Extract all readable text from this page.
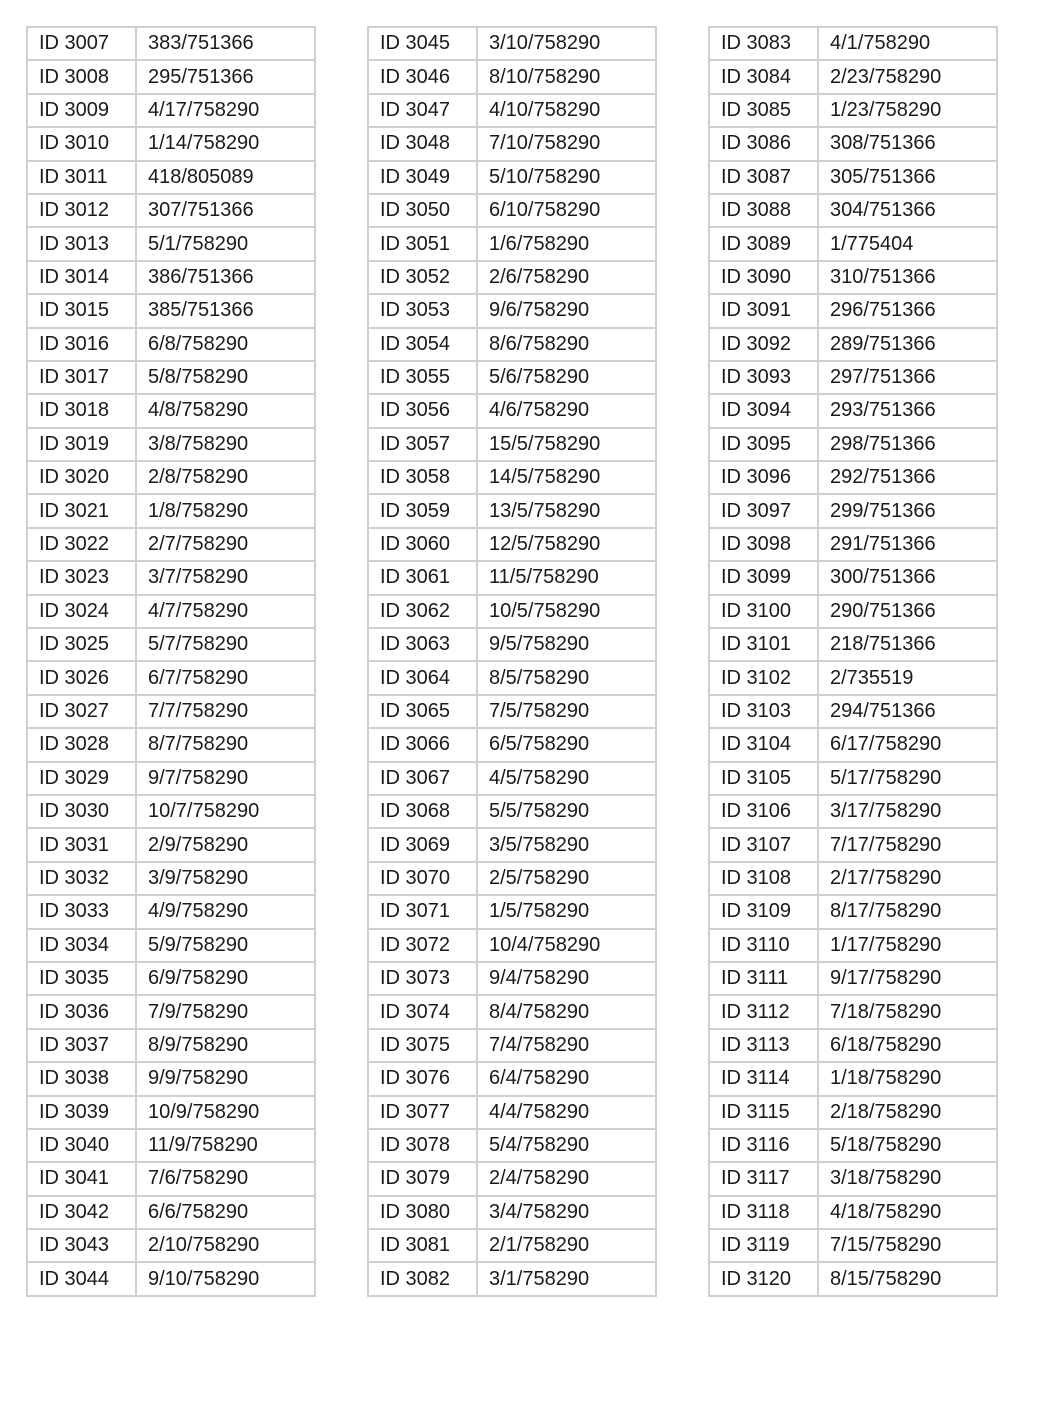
ID 3007	383/751366
ID 3008	295/751366
ID 3009	4/17/758290
ID 3010	1/14/758290
ID 3011	418/805089
ID 3012	307/751366
ID 3013	5/1/758290
ID 3014	386/751366
ID 3015	385/751366
ID 3016	6/8/758290
ID 3017	5/8/758290
ID 3018	4/8/758290
ID 3019	3/8/758290
ID 3020	2/8/758290
ID 3021	1/8/758290
ID 3022	2/7/758290
ID 3023	3/7/758290
ID 3024	4/7/758290
ID 3025	5/7/758290
ID 3026	6/7/758290
ID 3027	7/7/758290
ID 3028	8/7/758290
ID 3029	9/7/758290
ID 3030	10/7/758290
ID 3031	2/9/758290
ID 3032	3/9/758290
ID 3033	4/9/758290
ID 3034	5/9/758290
ID 3035	6/9/758290
ID 3036	7/9/758290
ID 3037	8/9/758290
ID 3038	9/9/758290
ID 3039	10/9/758290
ID 3040	11/9/758290
ID 3041	7/6/758290
ID 3042	6/6/758290
ID 3043	2/10/758290
ID 3044	9/10/758290
ID 3045	3/10/758290
ID 3046	8/10/758290
ID 3047	4/10/758290
ID 3048	7/10/758290
ID 3049	5/10/758290
ID 3050	6/10/758290
ID 3051	1/6/758290
ID 3052	2/6/758290
ID 3053	9/6/758290
ID 3054	8/6/758290
ID 3055	5/6/758290
ID 3056	4/6/758290
ID 3057	15/5/758290
ID 3058	14/5/758290
ID 3059	13/5/758290
ID 3060	12/5/758290
ID 3061	11/5/758290
ID 3062	10/5/758290
ID 3063	9/5/758290
ID 3064	8/5/758290
ID 3065	7/5/758290
ID 3066	6/5/758290
ID 3067	4/5/758290
ID 3068	5/5/758290
ID 3069	3/5/758290
ID 3070	2/5/758290
ID 3071	1/5/758290
ID 3072	10/4/758290
ID 3073	9/4/758290
ID 3074	8/4/758290
ID 3075	7/4/758290
ID 3076	6/4/758290
ID 3077	4/4/758290
ID 3078	5/4/758290
ID 3079	2/4/758290
ID 3080	3/4/758290
ID 3081	2/1/758290
ID 3082	3/1/758290
ID 3083	4/1/758290
ID 3084	2/23/758290
ID 3085	1/23/758290
ID 3086	308/751366
ID 3087	305/751366
ID 3088	304/751366
ID 3089	1/775404
ID 3090	310/751366
ID 3091	296/751366
ID 3092	289/751366
ID 3093	297/751366
ID 3094	293/751366
ID 3095	298/751366
ID 3096	292/751366
ID 3097	299/751366
ID 3098	291/751366
ID 3099	300/751366
ID 3100	290/751366
ID 3101	218/751366
ID 3102	2/735519
ID 3103	294/751366
ID 3104	6/17/758290
ID 3105	5/17/758290
ID 3106	3/17/758290
ID 3107	7/17/758290
ID 3108	2/17/758290
ID 3109	8/17/758290
ID 3110	1/17/758290
ID 3111	9/17/758290
ID 3112	7/18/758290
ID 3113	6/18/758290
ID 3114	1/18/758290
ID 3115	2/18/758290
ID 3116	5/18/758290
ID 3117	3/18/758290
ID 3118	4/18/758290
ID 3119	7/15/758290
ID 3120	8/15/758290
